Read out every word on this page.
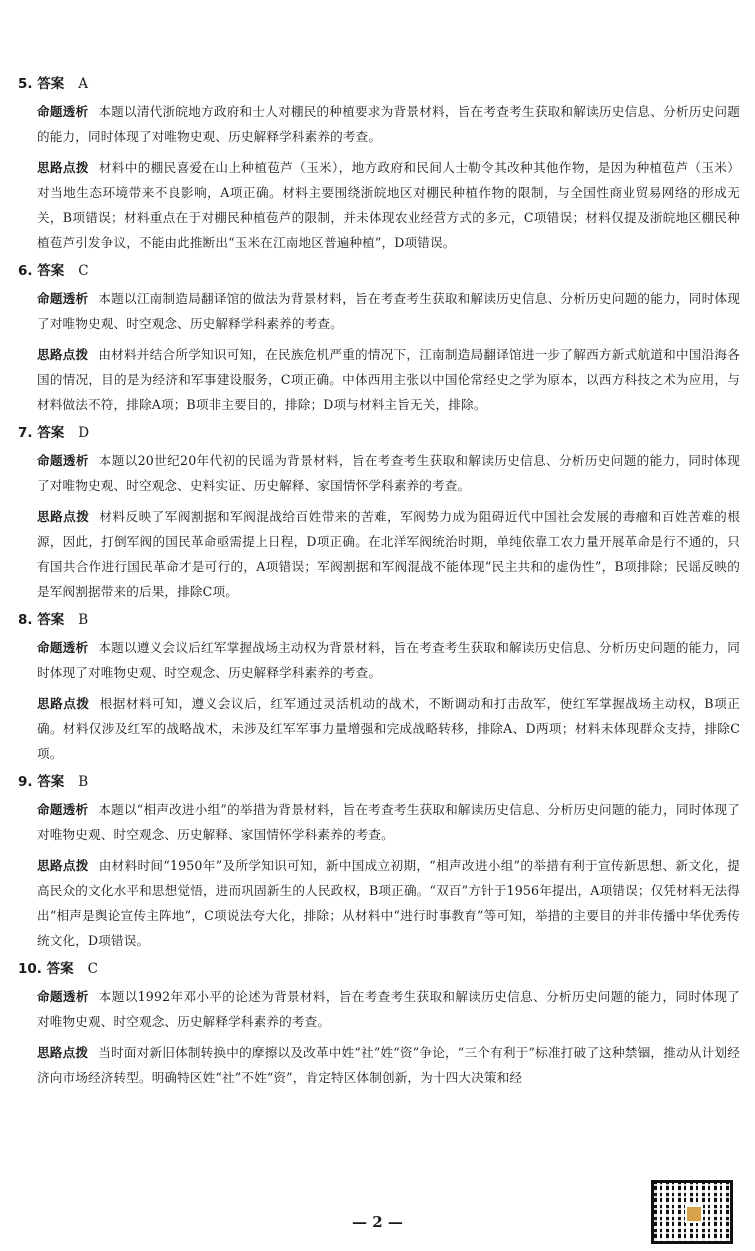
5. 答案 A

命题透析 本题以清代浙皖地方政府和士人对棚民的种植要求为背景材料，旨在考查考生获取和解读历史信息、分析历史问题的能力，同时体现了对唯物史观、历史解释学科素养的考查。

思路点拨 材料中的棚民喜爱在山上种植苞芦（玉米），地方政府和民间人士勒令其改种其他作物，是因为种植苞芦（玉米）对当地生态环境带来不良影响，A项正确。材料主要围绕浙皖地区对棚民种植作物的限制，与全国性商业贸易网络的形成无关，B项错误；材料重点在于对棚民种植苞芦的限制，并未体现农业经营方式的多元，C项错误；材料仅提及浙皖地区棚民种植苞芦引发争议，不能由此推断出“玉米在江南地区普遍种植”，D项错误。

6. 答案 C

命题透析 本题以江南制造局翻译馆的做法为背景材料，旨在考查考生获取和解读历史信息、分析历史问题的能力，同时体现了对唯物史观、时空观念、历史解释学科素养的考查。

思路点拨 由材料并结合所学知识可知，在民族危机严重的情况下，江南制造局翻译馆进一步了解西方新式航道和中国沿海各国的情况，目的是为经济和军事建设服务，C项正确。中体西用主张以中国伦常经史之学为原本，以西方科技之术为应用，与材料做法不符，排除A项；B项非主要目的，排除；D项与材料主旨无关，排除。

7. 答案 D

命题透析 本题以20世纪20年代初的民谣为背景材料，旨在考查考生获取和解读历史信息、分析历史问题的能力，同时体现了对唯物史观、时空观念、史料实证、历史解释、家国情怀学科素养的考查。

思路点拨 材料反映了军阀割据和军阀混战给百姓带来的苦难，军阀势力成为阻碍近代中国社会发展的毒瘤和百姓苦难的根源，因此，打倒军阀的国民革命亟需提上日程，D项正确。在北洋军阀统治时期，单纯依靠工农力量开展革命是行不通的，只有国共合作进行国民革命才是可行的，A项错误；军阀割据和军阀混战不能体现“民主共和的虚伪性”，B项排除；民谣反映的是军阀割据带来的后果，排除C项。

8. 答案 B

命题透析 本题以遵义会议后红军掌握战场主动权为背景材料，旨在考查考生获取和解读历史信息、分析历史问题的能力，同时体现了对唯物史观、时空观念、历史解释学科素养的考查。

思路点拨 根据材料可知，遵义会议后，红军通过灵活机动的战术，不断调动和打击敌军，使红军掌握战场主动权，B项正确。材料仅涉及红军的战略战术，未涉及红军军事力量增强和完成战略转移，排除A、D两项；材料未体现群众支持，排除C项。

9. 答案 B

命题透析 本题以“相声改进小组”的举措为背景材料，旨在考查考生获取和解读历史信息、分析历史问题的能力，同时体现了对唯物史观、时空观念、历史解释、家国情怀学科素养的考查。

思路点拨 由材料时间“1950年”及所学知识可知，新中国成立初期，“相声改进小组”的举措有利于宣传新思想、新文化，提高民众的文化水平和思想觉悟，进而巩固新生的人民政权，B项正确。“双百”方针于1956年提出，A项错误；仅凭材料无法得出“相声是舆论宣传主阵地”，C项说法夸大化，排除；从材料中“进行时事教育”等可知，举措的主要目的并非传播中华优秀传统文化，D项错误。

10. 答案 C

命题透析 本题以1992年邓小平的论述为背景材料，旨在考查考生获取和解读历史信息、分析历史问题的能力，同时体现了对唯物史观、时空观念、历史解释学科素养的考查。

思路点拨 当时面对新旧体制转换中的摩擦以及改革中姓“社”姓“资”争论，“三个有利于”标准打破了这种禁锢，推动从计划经济向市场经济转型。明确特区姓“社”不姓“资”，肯定特区体制创新，为十四大决策和经

— 2 —
